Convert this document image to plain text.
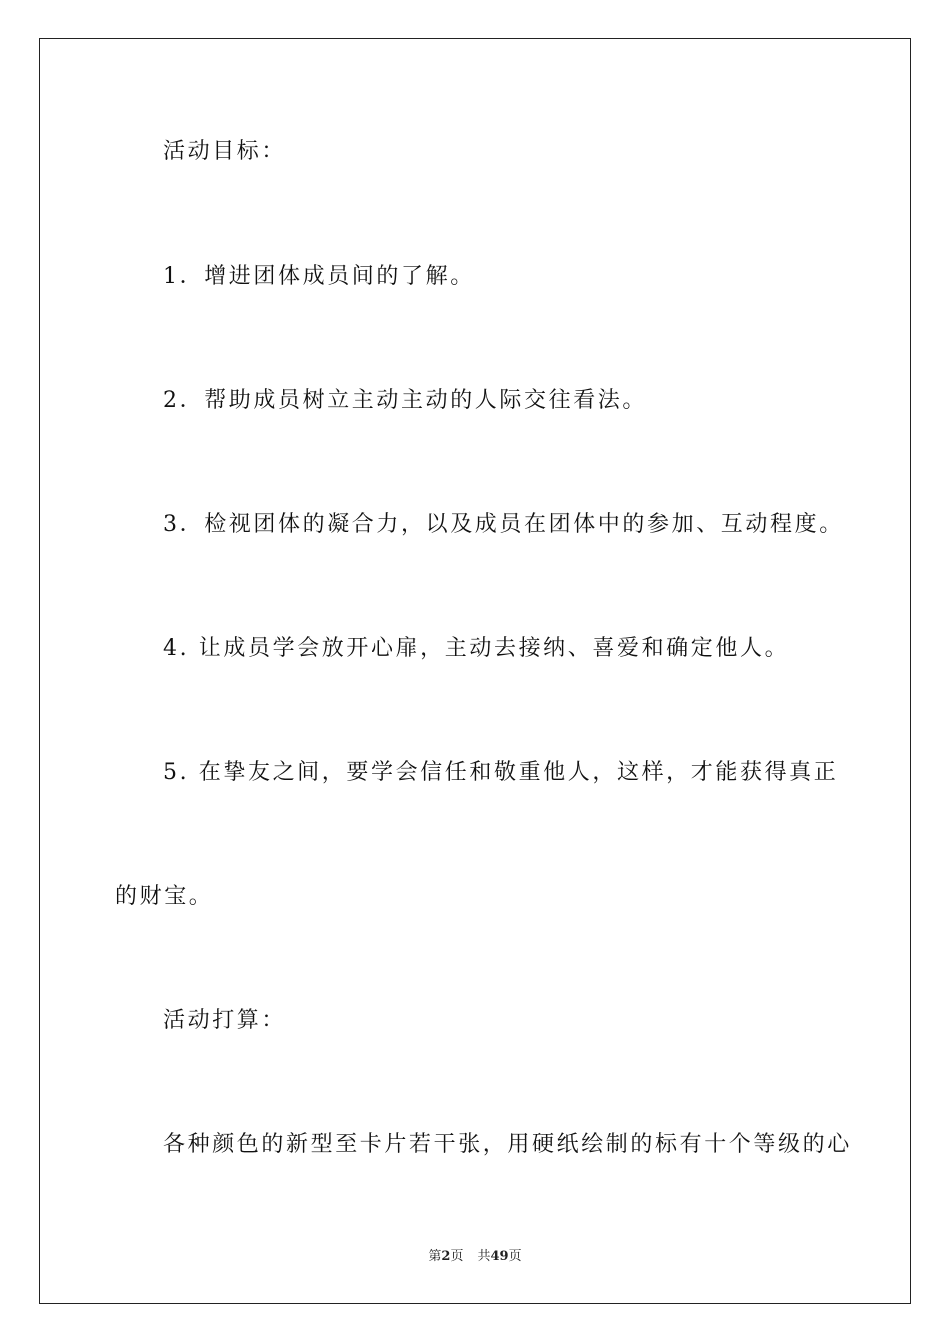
活动目标：
1．增进团体成员间的了解。
2．帮助成员树立主动主动的人际交往看法。
3．检视团体的凝合力，以及成员在团体中的参加、互动程度。
4. 让成员学会放开心扉，主动去接纳、喜爱和确定他人。
5. 在挚友之间，要学会信任和敬重他人，这样，才能获得真正
的财宝。
活动打算：
各种颜色的新型至卡片若干张，用硬纸绘制的标有十个等级的心
第2页 共49页
